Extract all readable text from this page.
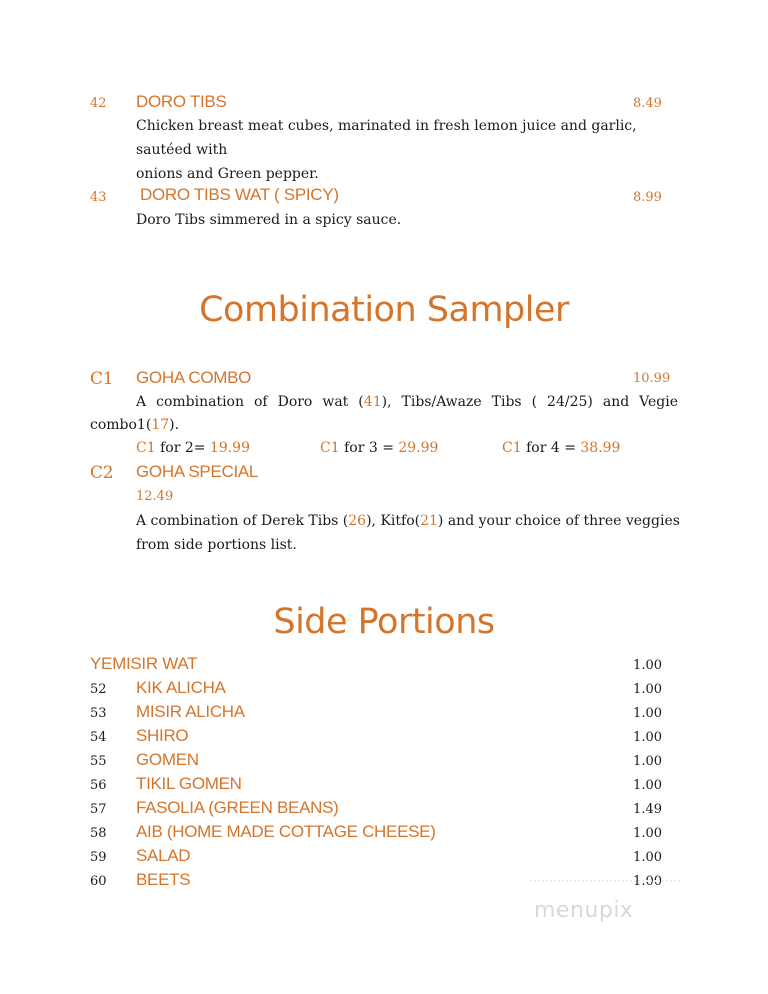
42 DORO TIBS	8.49
Chicken breast meat cubes, marinated in fresh lemon juice and garlic, sautéed with
onions and Green pepper.
43 DORO TIBS WAT ( SPICY)	8.99
Doro Tibs simmered in a spicy sauce.
Combination Sampler
C1 GOHA COMBO	10.99
A combination of Doro wat (41), Tibs/Awaze Tibs ( 24/25) and Vegie
combo1(17).
C1 for 2= 19.99	C1 for 3 = 29.99	C1 for 4 = 38.99
C2 GOHA SPECIAL
12.49
A combination of Derek Tibs (26), Kitfo(21) and your choice of three veggies
from side portions list.
Side Portions
YEMISIR WAT	1.00
52 KIK ALICHA	1.00
53 MISIR ALICHA	1.00
54 SHIRO	1.00
55 GOMEN	1.00
56 TIKIL GOMEN	1.00
57 FASOLIA (GREEN BEANS)	1.49
58 AIB (HOME MADE COTTAGE CHEESE)	1.00
59 SALAD	1.00
60 BEETS	1.00
menupix
